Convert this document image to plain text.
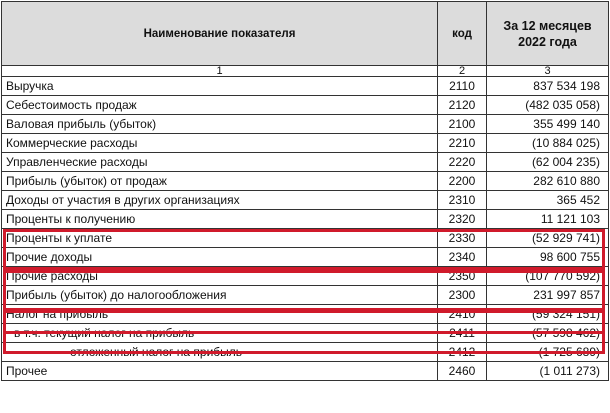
Наименование показателя	код	За 12 месяцев
2022 года
1	2	3
Выручка	2110	837 534 198
Себестоимость продаж	2120	(482 035 058)
Валовая прибыль (убыток)	2100	355 499 140
Коммерческие расходы	2210	(10 884 025)
Управленческие расходы	2220	(62 004 235)
Прибыль (убыток) от продаж	2200	282 610 880
Доходы от участия в других организациях	2310	365 452
Проценты к получению	2320	11 121 103
Проценты к уплате	2330	(52 929 741)
Прочие доходы	2340	98 600 755
Прочие расходы	2350	(107 770 592)
Прибыль (убыток) до налогообложения	2300	231 997 857
Налог на прибыль	2410	(59 324 151)
в т.ч. текущий налог на прибыль	2411	(57 598 462)
отложенный налог на прибыль	2412	(1 725 689)
Прочее	2460	(1 011 273)
